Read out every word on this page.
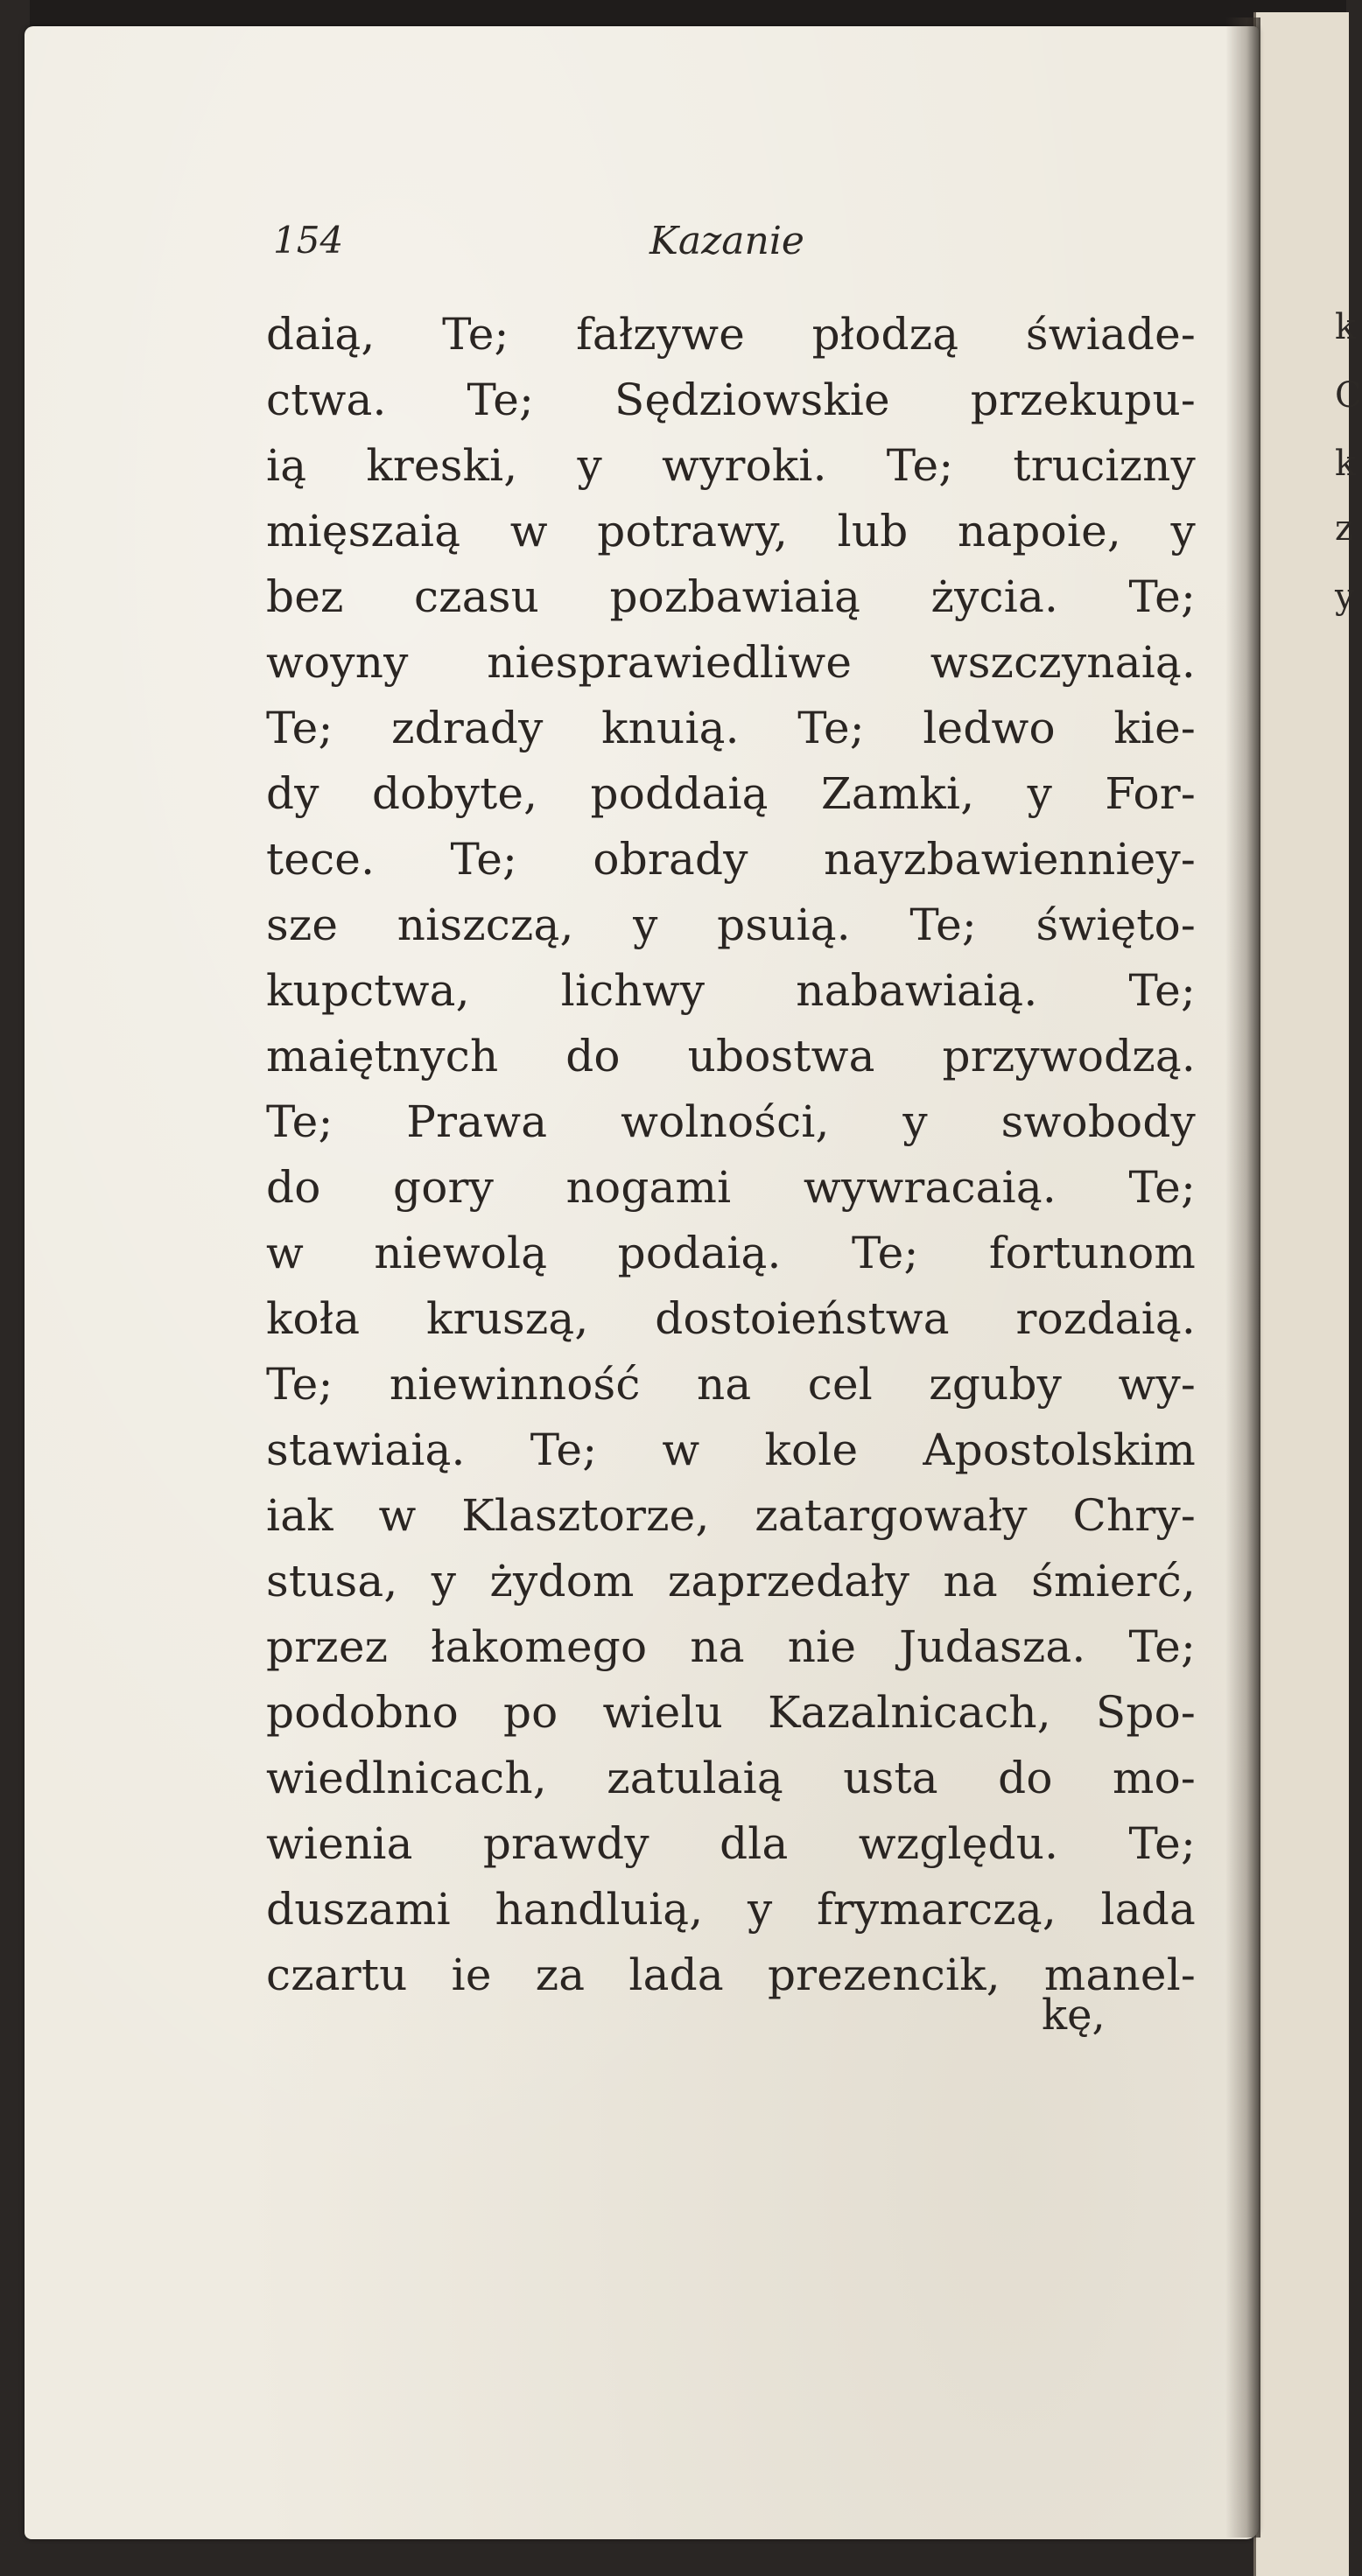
k
C
k
z
y
154	Kazanie
daią, Te; fałzywe płodzą świade-
ctwa. Te; Sędziowskie przekupu-
ią kreski, y wyroki. Te; trucizny
mięszaią w potrawy, lub napoie, y
bez czasu pozbawiaią życia. Te;
woyny niesprawiedliwe wszczynaią.
Te; zdrady knuią. Te; ledwo kie-
dy dobyte, poddaią Zamki, y For-
tece. Te; obrady nayzbawienniey-
sze niszczą, y psuią. Te; święto-
kupctwa, lichwy nabawiaią. Te;
maiętnych do ubostwa przywodzą.
Te; Prawa wolności, y swobody
do gory nogami wywracaią. Te;
w niewolą podaią. Te; fortunom
koła kruszą, dostoieństwa rozdaią.
Te; niewinność na cel zguby wy-
stawiaią. Te; w kole Apostolskim
iak w Klasztorze, zatargowały Chry-
stusa, y żydom zaprzedały na śmierć,
przez łakomego na nie Judasza. Te;
podobno po wielu Kazalnicach, Spo-
wiedlnicach, zatulaią usta do mo-
wienia prawdy dla względu. Te;
duszami handluią, y frymarczą, lada
czartu ie za lada prezencik, manel-
kę,
